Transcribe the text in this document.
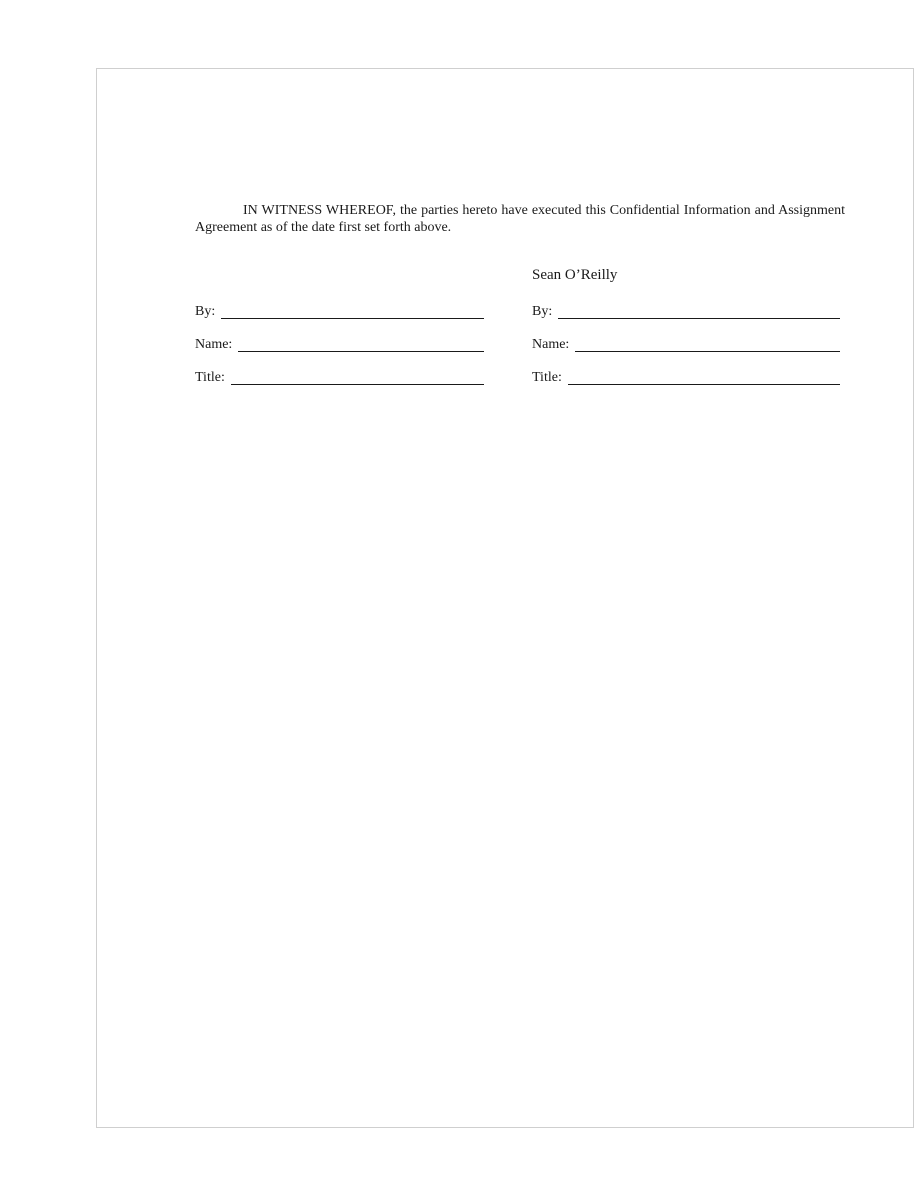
IN WITNESS WHEREOF, the parties hereto have executed this Confidential Information and Assignment Agreement as of the date first set forth above.

By:
Name:
Title:
Sean O’Reilly
By:
Name:
Title:
